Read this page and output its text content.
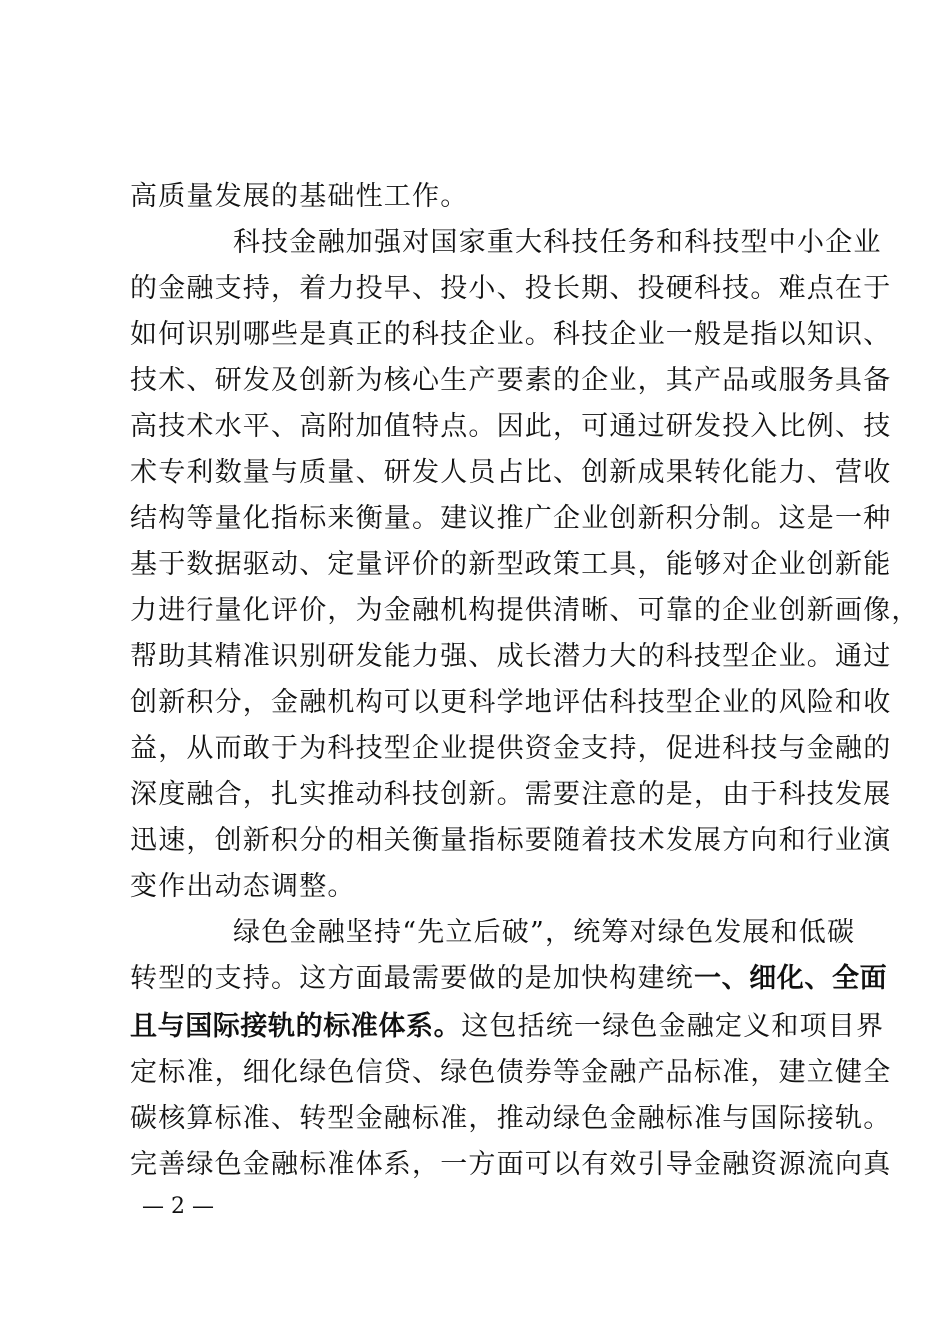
高质量发展的基础性工作。
科技金融加强对国家重大科技任务和科技型中小企业
的金融支持，着力投早、投小、投长期、投硬科技。难点在于
如何识别哪些是真正的科技企业。科技企业一般是指以知识、
技术、研发及创新为核心生产要素的企业，其产品或服务具备
高技术水平、高附加值特点。因此，可通过研发投入比例、技
术专利数量与质量、研发人员占比、创新成果转化能力、营收
结构等量化指标来衡量。建议推广企业创新积分制。这是一种
基于数据驱动、定量评价的新型政策工具，能够对企业创新能
力进行量化评价，为金融机构提供清晰、可靠的企业创新画像，
帮助其精准识别研发能力强、成长潜力大的科技型企业。通过
创新积分，金融机构可以更科学地评估科技型企业的风险和收
益，从而敢于为科技型企业提供资金支持，促进科技与金融的
深度融合，扎实推动科技创新。需要注意的是，由于科技发展
迅速，创新积分的相关衡量指标要随着技术发展方向和行业演
变作出动态调整。
绿色金融坚持“先立后破”，统筹对绿色发展和低碳
转型的支持。这方面最需要做的是加快构建统一、细化、全面
且与国际接轨的标准体系。这包括统一绿色金融定义和项目界
定标准，细化绿色信贷、绿色债券等金融产品标准，建立健全
碳核算标准、转型金融标准，推动绿色金融标准与国际接轨。
完善绿色金融标准体系，一方面可以有效引导金融资源流向真
— 2 —
